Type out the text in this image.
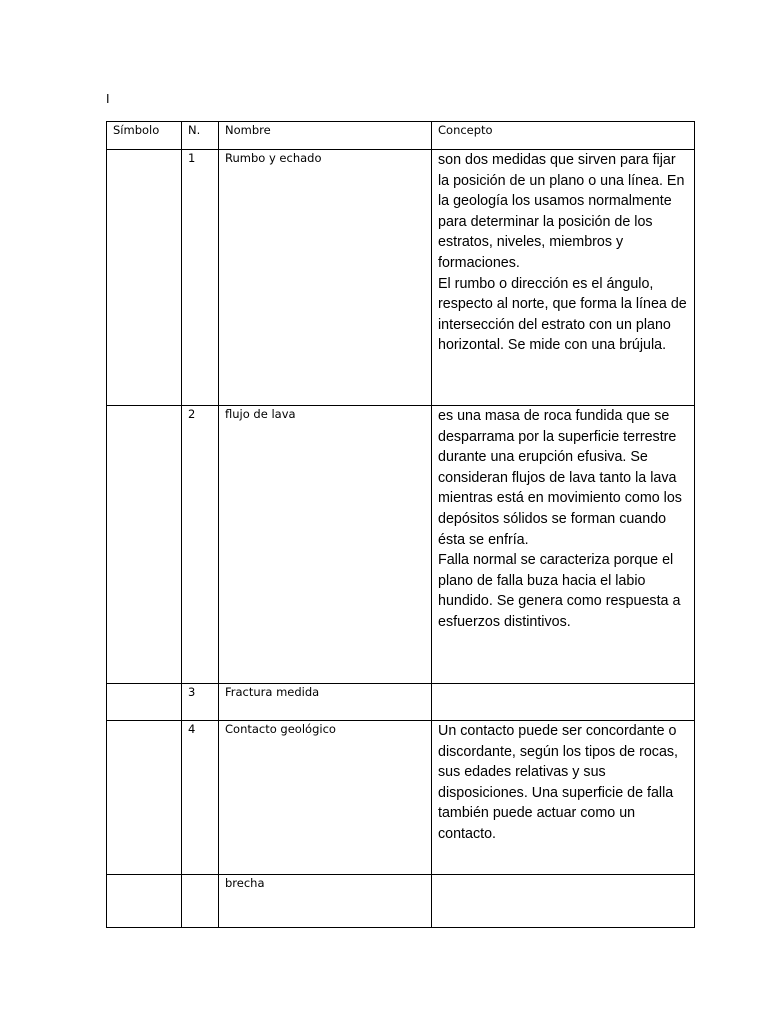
I
Símbolo	N.	Nombre	Concepto
	1	Rumbo y echado	son dos medidas que sirven para fijar la posición de un plano o una línea. En la geología los usamos normalmente para determinar la posición de los estratos, niveles, miembros y formaciones.

El rumbo o dirección es el ángulo, respecto al norte, que forma la línea de intersección del estrato con un plano horizontal. Se mide con una brújula.

	2	flujo de lava	es una masa de roca fundida que se desparrama por la superficie terrestre durante una erupción efusiva. Se consideran flujos de lava tanto la lava mientras está en movimiento como los depósitos sólidos se forman cuando ésta se enfría.

Falla normal se caracteriza porque el plano de falla buza hacia el labio hundido. Se genera como respuesta a esfuerzos distintivos.

	3	Fractura medida	
	4	Contacto geológico	Un contacto puede ser concordante o discordante, según los tipos de rocas, sus edades relativas y sus disposiciones. Una superficie de falla también puede actuar como un contacto.

		brecha	
